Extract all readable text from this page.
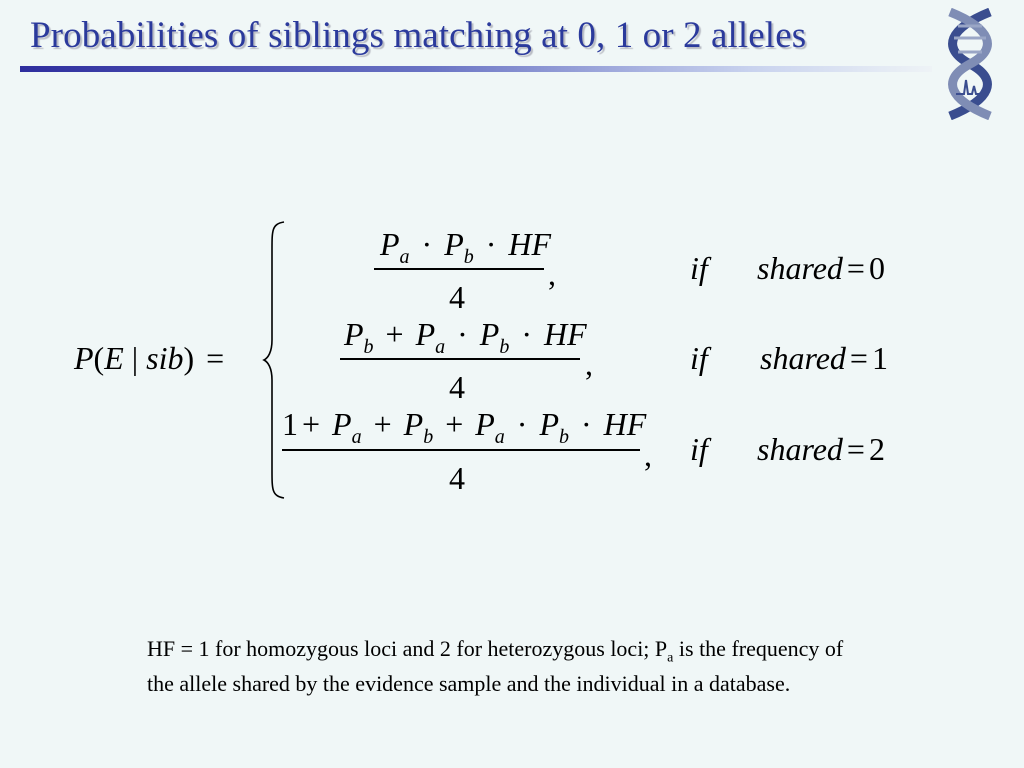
Probabilities of siblings matching at 0, 1 or 2 alleles
P(E | sib) =
$P_a \cdot P_b$ · HF
4
,	if shared = 0
$P_b + P_a \cdot P_b$ · HF
4
,	if shared = 1
$1 + P_a + P_b + P_a \cdot P_b$ · HF
4
, if shared = 2
HF = 1 for homozygous loci and 2 for heterozygous loci; $P_a$ is the frequency of the allele shared by the evidence sample and the individual in a database.
